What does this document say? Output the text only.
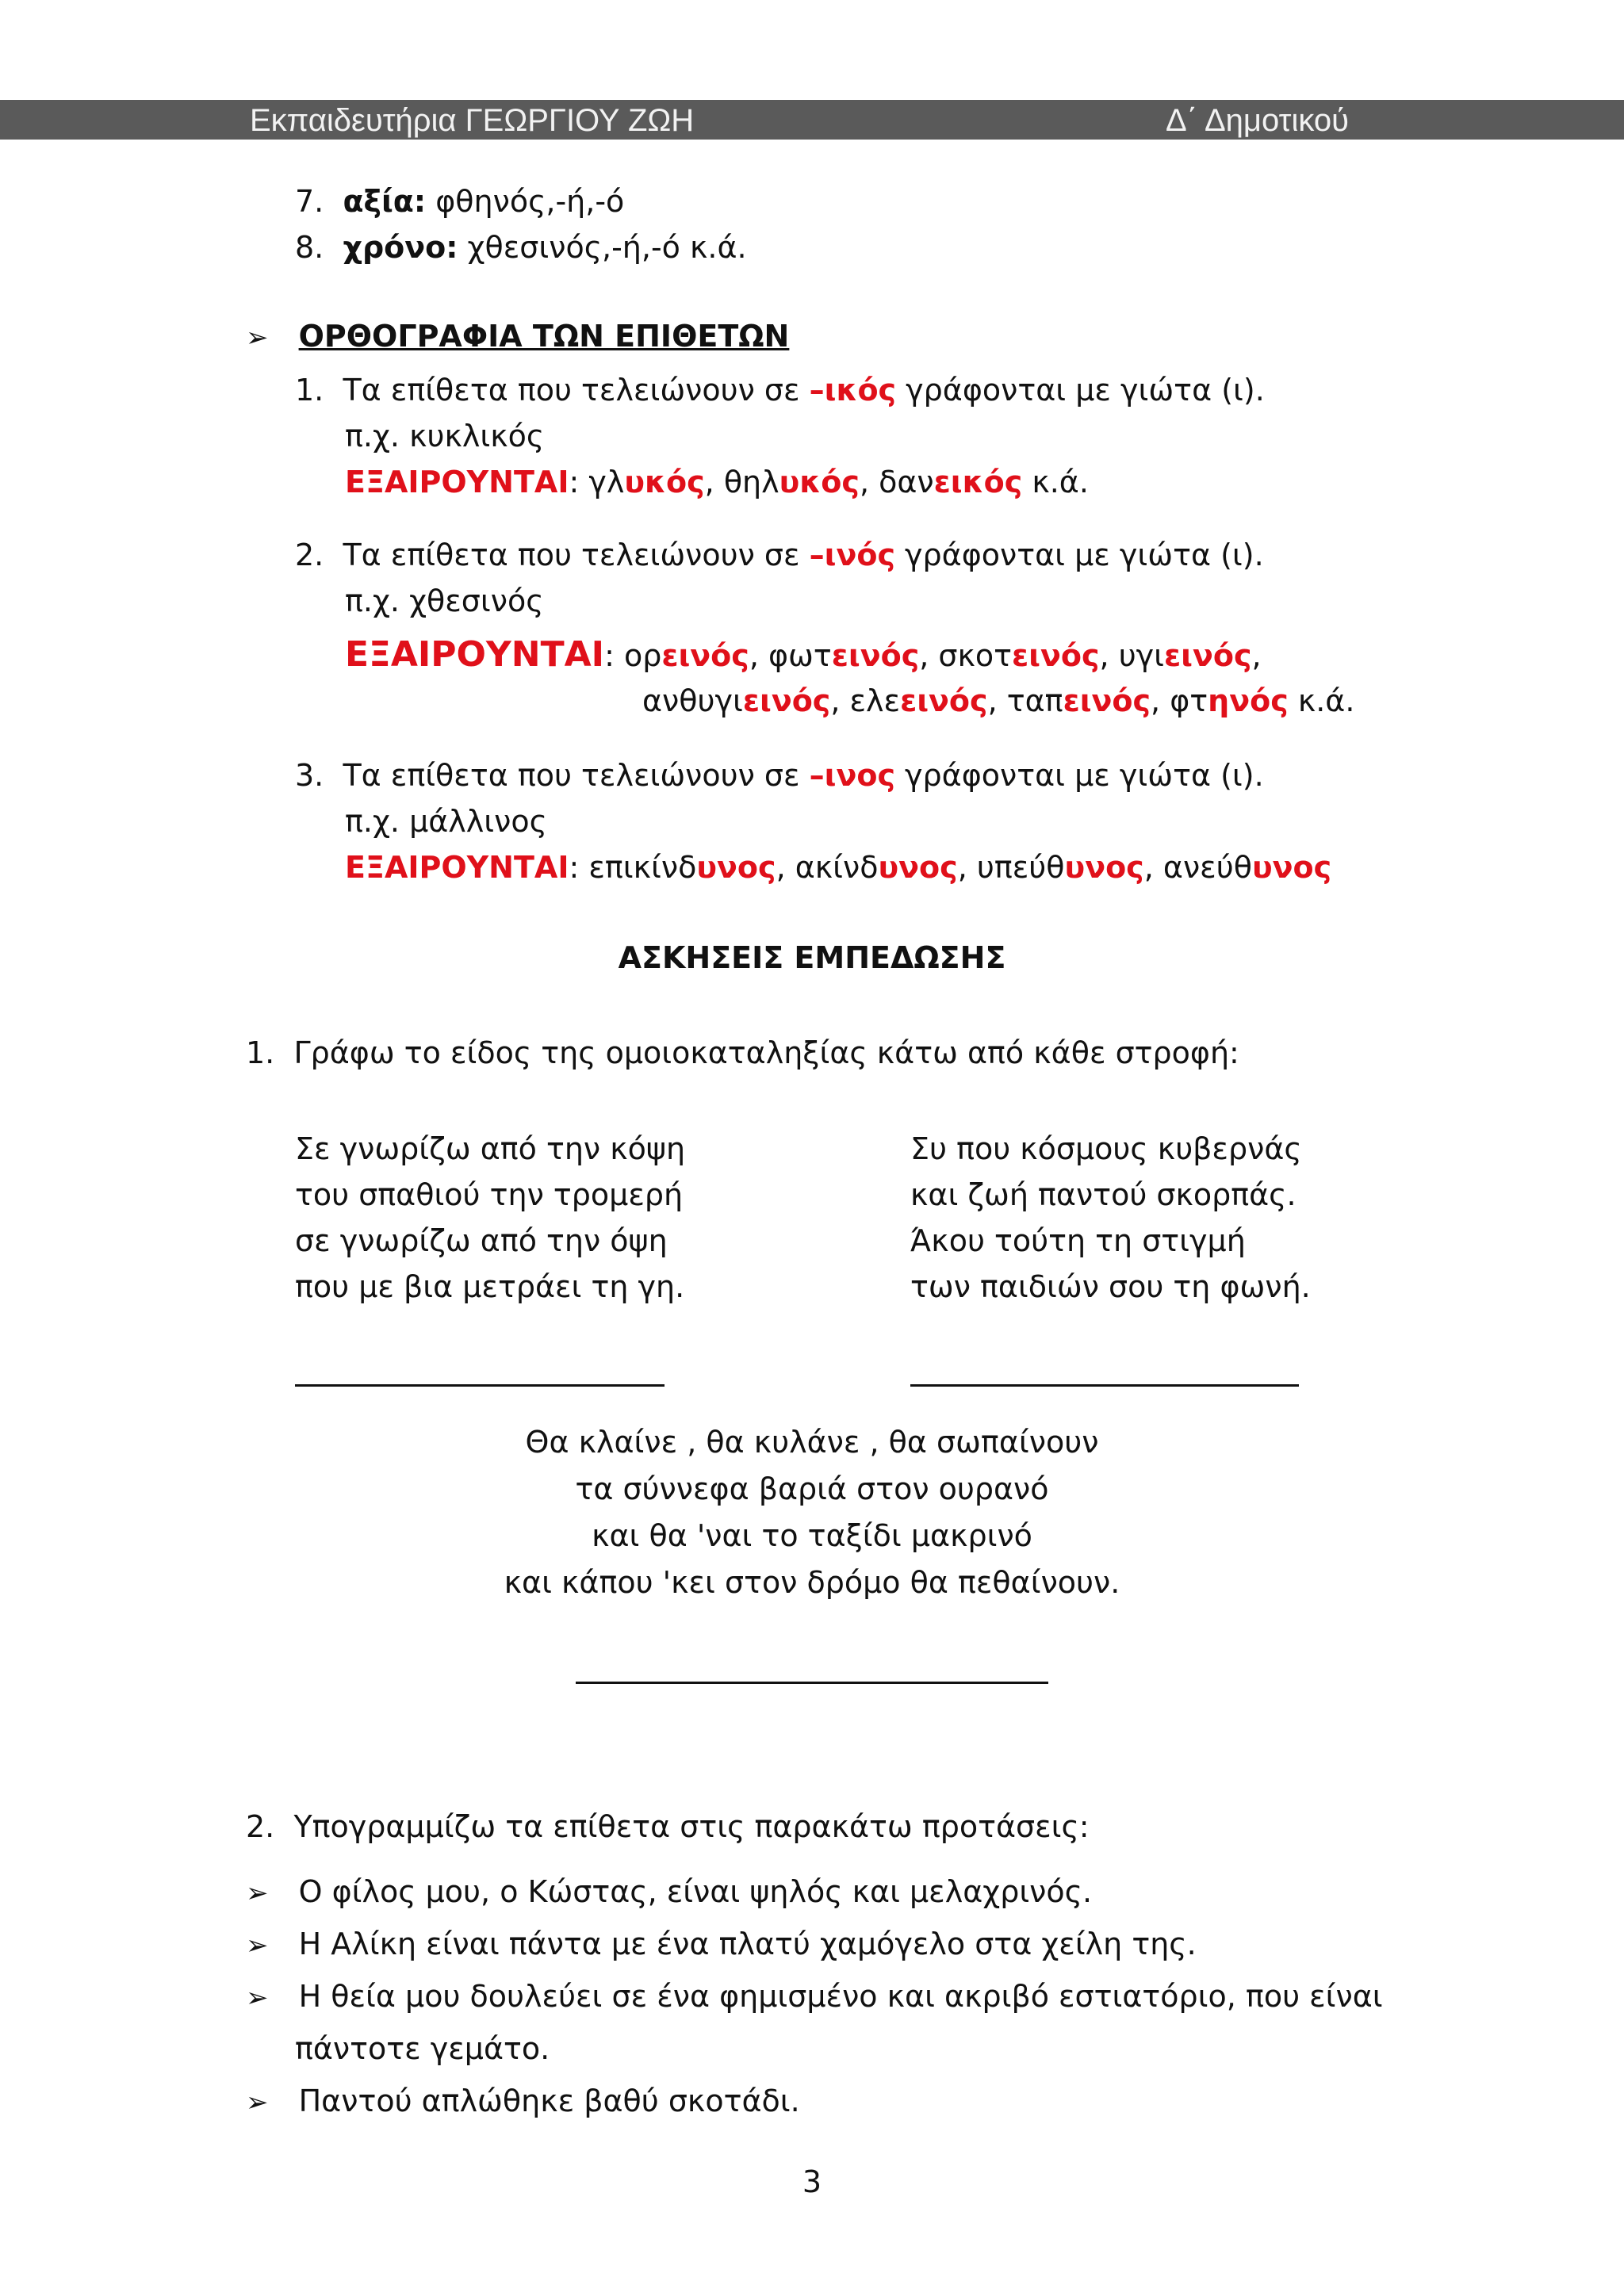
Εκπαιδευτήρια ΓΕΩΡΓΙΟΥ ΖΩΗ	Δ΄ Δημοτικού
7. αξία: φθηνός,-ή,-ό
8. χρόνο: χθεσινός,-ή,-ό κ.ά.
➢ ΟΡΘΟΓΡΑΦΙΑ ΤΩΝ ΕΠΙΘΕΤΩΝ
1. Τα επίθετα που τελειώνουν σε –ικός γράφονται με γιώτα (ι).
π.χ. κυκλικός
ΕΞΑΙΡΟΥΝΤΑΙ: γλυκός, θηλυκός, δανεικός κ.ά.
2. Τα επίθετα που τελειώνουν σε –ινός γράφονται με γιώτα (ι).
π.χ. χθεσινός
ΕΞΑΙΡΟΥΝΤΑΙ: ορεινός, φωτεινός, σκοτεινός, υγιεινός,
ανθυγιεινός, ελεεινός, ταπεινός, φτηνός κ.ά.
3. Τα επίθετα που τελειώνουν σε –ινος γράφονται με γιώτα (ι).
π.χ. μάλλινος
ΕΞΑΙΡΟΥΝΤΑΙ: επικίνδυνος, ακίνδυνος, υπεύθυνος, ανεύθυνος
ΑΣΚΗΣΕΙΣ ΕΜΠΕΔΩΣΗΣ
1. Γράφω το είδος της ομοιοκαταληξίας κάτω από κάθε στροφή:
Σε γνωρίζω από την κόψη
του σπαθιού την τρομερή
σε γνωρίζω από την όψη
που με βια μετράει τη γη.
Συ που κόσμους κυβερνάς
και ζωή παντού σκορπάς.
Άκου τούτη τη στιγμή
των παιδιών σου τη φωνή.
Θα κλαίνε , θα κυλάνε , θα σωπαίνουν
τα σύννεφα βαριά στον ουρανό
και θα 'ναι το ταξίδι μακρινό
και κάπου 'κει στον δρόμο θα πεθαίνουν.
2. Υπογραμμίζω τα επίθετα στις παρακάτω προτάσεις:
➢ Ο φίλος μου, ο Κώστας, είναι ψηλός και μελαχρινός.
➢ Η Αλίκη είναι πάντα με ένα πλατύ χαμόγελο στα χείλη της.
➢ Η θεία μου δουλεύει σε ένα φημισμένο και ακριβό εστιατόριο, που είναι
πάντοτε γεμάτο.
➢ Παντού απλώθηκε βαθύ σκοτάδι.
3
